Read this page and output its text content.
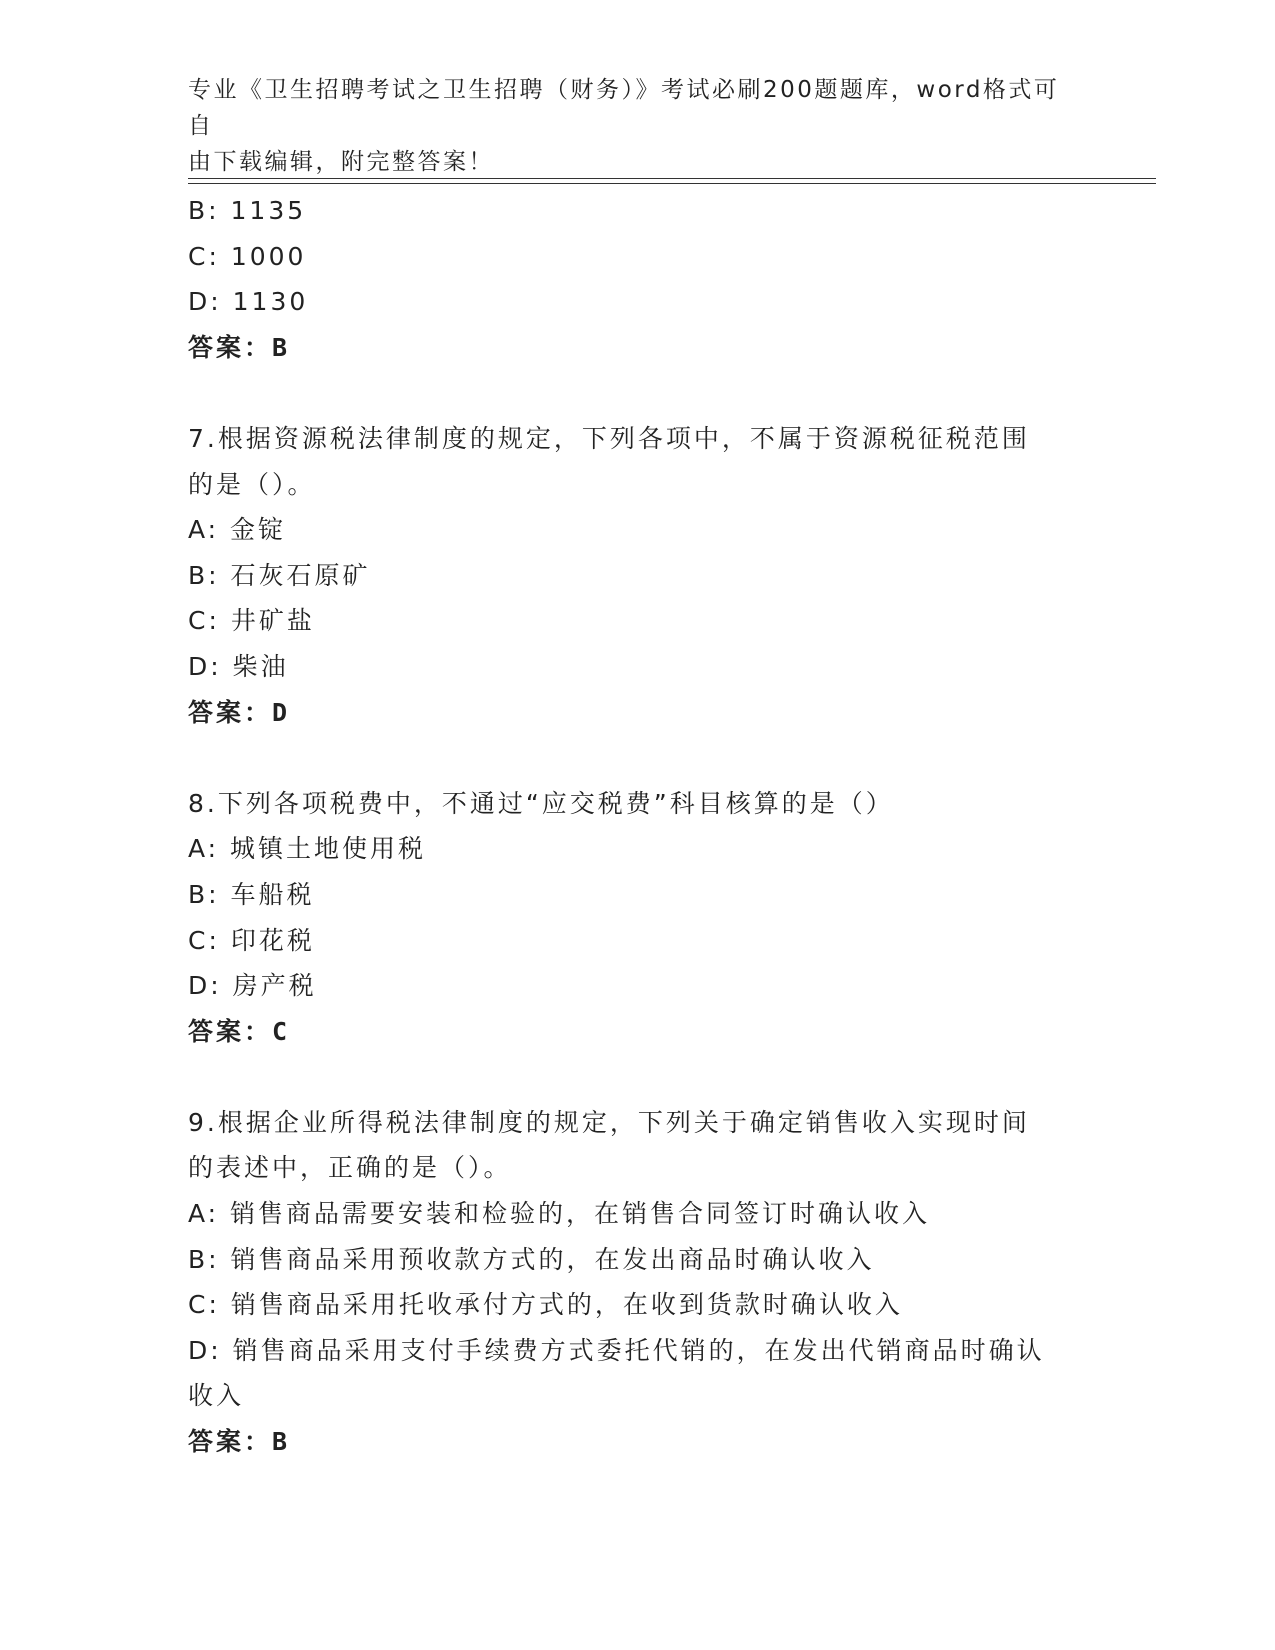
专业《卫生招聘考试之卫生招聘（财务）》考试必刷200题题库，word格式可自
由下载编辑，附完整答案！
B: 1135
C: 1000
D: 1130
答案：B
7.根据资源税法律制度的规定，下列各项中，不属于资源税征税范围
的是（）。
A: 金锭
B: 石灰石原矿
C: 井矿盐
D: 柴油
答案：D
8.下列各项税费中，不通过“应交税费”科目核算的是（）
A: 城镇土地使用税
B: 车船税
C: 印花税
D: 房产税
答案：C
9.根据企业所得税法律制度的规定，下列关于确定销售收入实现时间
的表述中，正确的是（）。
A: 销售商品需要安装和检验的，在销售合同签订时确认收入
B: 销售商品采用预收款方式的，在发出商品时确认收入
C: 销售商品采用托收承付方式的，在收到货款时确认收入
D: 销售商品采用支付手续费方式委托代销的，在发出代销商品时确认
收入
答案：B
